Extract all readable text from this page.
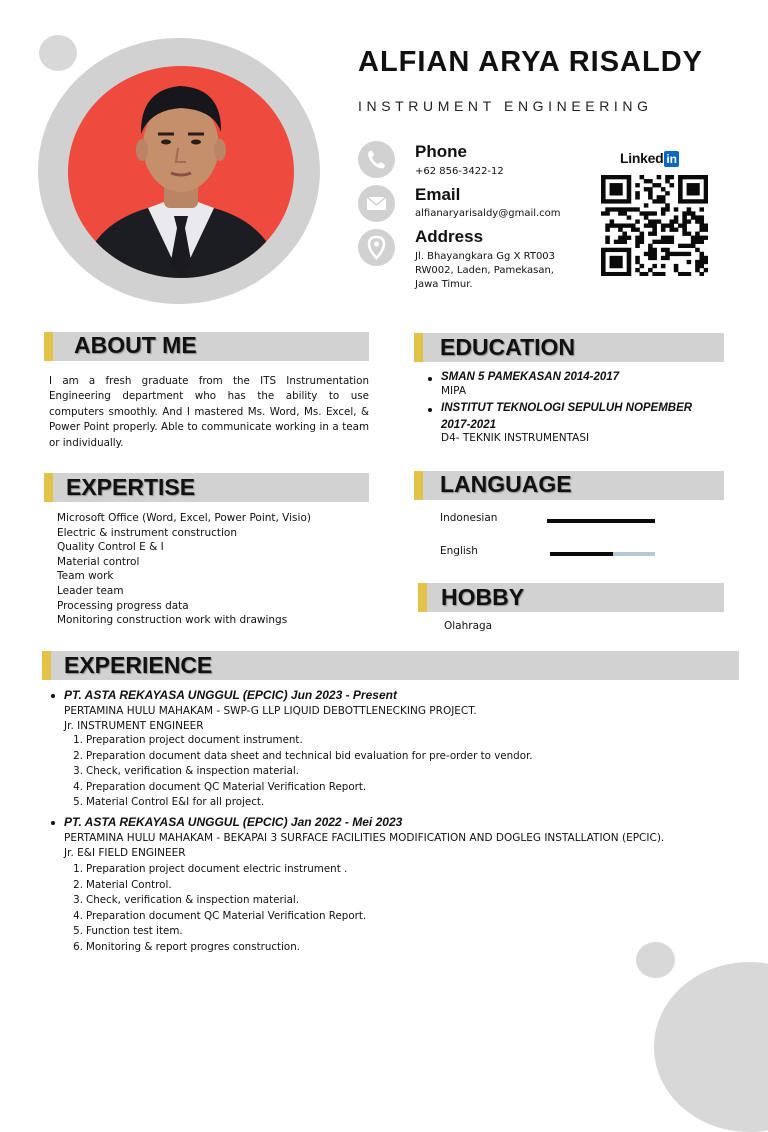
ALFIAN ARYA RISALDY
INSTRUMENT ENGINEERING
Phone
+62 856-3422-12
Email
alfianaryarisaldy@gmail.com
Address
Jl. Bhayangkara Gg X RT003
RW002, Laden, Pamekasan,
Jawa Timur.
Linked in
ABOUT ME
I am a fresh graduate from the ITS Instrumentation Engineering department who has the ability to use computers smoothly. And I mastered Ms. Word, Ms. Excel, & Power Point properly. Able to communicate working in a team or individually.
EDUCATION
SMAN 5 PAMEKASAN 2014-2017
MIPA
INSTITUT TEKNOLOGI SEPULUH NOPEMBER
2017-2021
D4- TEKNIK INSTRUMENTASI
EXPERTISE
Microsoft Office (Word, Excel, Power Point, Visio)
Electric & instrument construction
Quality Control E & I
Material control
Team work
Leader team
Processing progress data
Monitoring construction work with drawings
LANGUAGE
Indonesian
English
HOBBY
Olahraga
EXPERIENCE
PT. ASTA REKAYASA UNGGUL (EPCIC) Jun 2023 - Present
PERTAMINA HULU MAHAKAM - SWP-G LLP LIQUID DEBOTTLENECKING PROJECT.
Jr. INSTRUMENT ENGINEER
1. Preparation project document instrument.
2. Preparation document data sheet and technical bid evaluation for pre-order to vendor.
3. Check, verification & inspection material.
4. Preparation document QC Material Verification Report.
5. Material Control E&I for all project.
PT. ASTA REKAYASA UNGGUL (EPCIC) Jan 2022 - Mei 2023
PERTAMINA HULU MAHAKAM - BEKAPAI 3 SURFACE FACILITIES MODIFICATION AND DOGLEG INSTALLATION (EPCIC).
Jr. E&I FIELD ENGINEER
1. Preparation project document electric instrument .
2. Material Control.
3. Check, verification & inspection material.
4. Preparation document QC Material Verification Report.
5. Function test item.
6. Monitoring & report progres construction.
